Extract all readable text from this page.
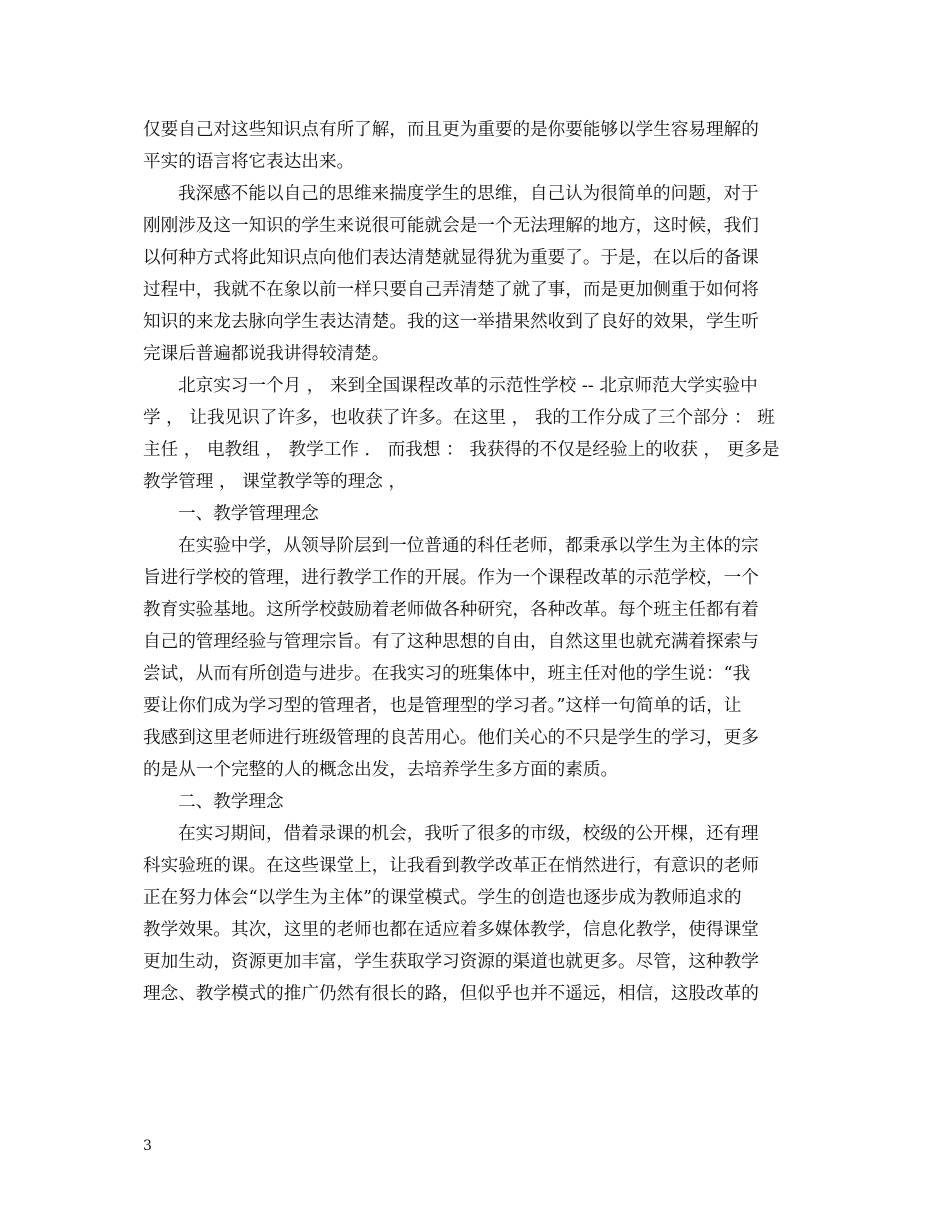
仅要自己对这些知识点有所了解，而且更为重要的是你要能够以学生容易理解的
平实的语言将它表达出来。

我深感不能以自己的思维来揣度学生的思维，自己认为很简单的问题，对于
刚刚涉及这一知识的学生来说很可能就会是一个无法理解的地方，这时候，我们
以何种方式将此知识点向他们表达清楚就显得犹为重要了。于是，在以后的备课
过程中，我就不在象以前一样只要自己弄清楚了就了事，而是更加侧重于如何将
知识的来龙去脉向学生表达清楚。我的这一举措果然收到了良好的效果，学生听
完课后普遍都说我讲得较清楚。

北京实习一个月 ， 来到全国课程改革的示范性学校 -- 北京师范大学实验中
学 ， 让我见识了许多，也收获了许多。在这里 ， 我的工作分成了三个部分 ： 班
主任 ， 电教组 ， 教学工作 ． 而我想 ： 我获得的不仅是经验上的收获 ， 更多是
教学管理 ， 课堂教学等的理念 ，

一、教学管理理念

在实验中学，从领导阶层到一位普通的科任老师，都秉承以学生为主体的宗
旨进行学校的管理，进行教学工作的开展。作为一个课程改革的示范学校，一个
教育实验基地。这所学校鼓励着老师做各种研究，各种改革。每个班主任都有着
自己的管理经验与管理宗旨。有了这种思想的自由，自然这里也就充满着探索与
尝试，从而有所创造与进步。在我实习的班集体中，班主任对他的学生说：“我
要让你们成为学习型的管理者，也是管理型的学习者。”这样一句简单的话，让
我感到这里老师进行班级管理的良苦用心。他们关心的不只是学生的学习，更多
的是从一个完整的人的概念出发，去培养学生多方面的素质。

二、教学理念

在实习期间，借着录课的机会，我听了很多的市级，校级的公开棵，还有理
科实验班的课。在这些课堂上，让我看到教学改革正在悄然进行，有意识的老师
正在努力体会“以学生为主体”的课堂模式。学生的创造也逐步成为教师追求的
教学效果。其次，这里的老师也都在适应着多媒体教学，信息化教学，使得课堂
更加生动，资源更加丰富，学生获取学习资源的渠道也就更多。尽管，这种教学
理念、教学模式的推广仍然有很长的路，但似乎也并不遥远，相信，这股改革的

3
